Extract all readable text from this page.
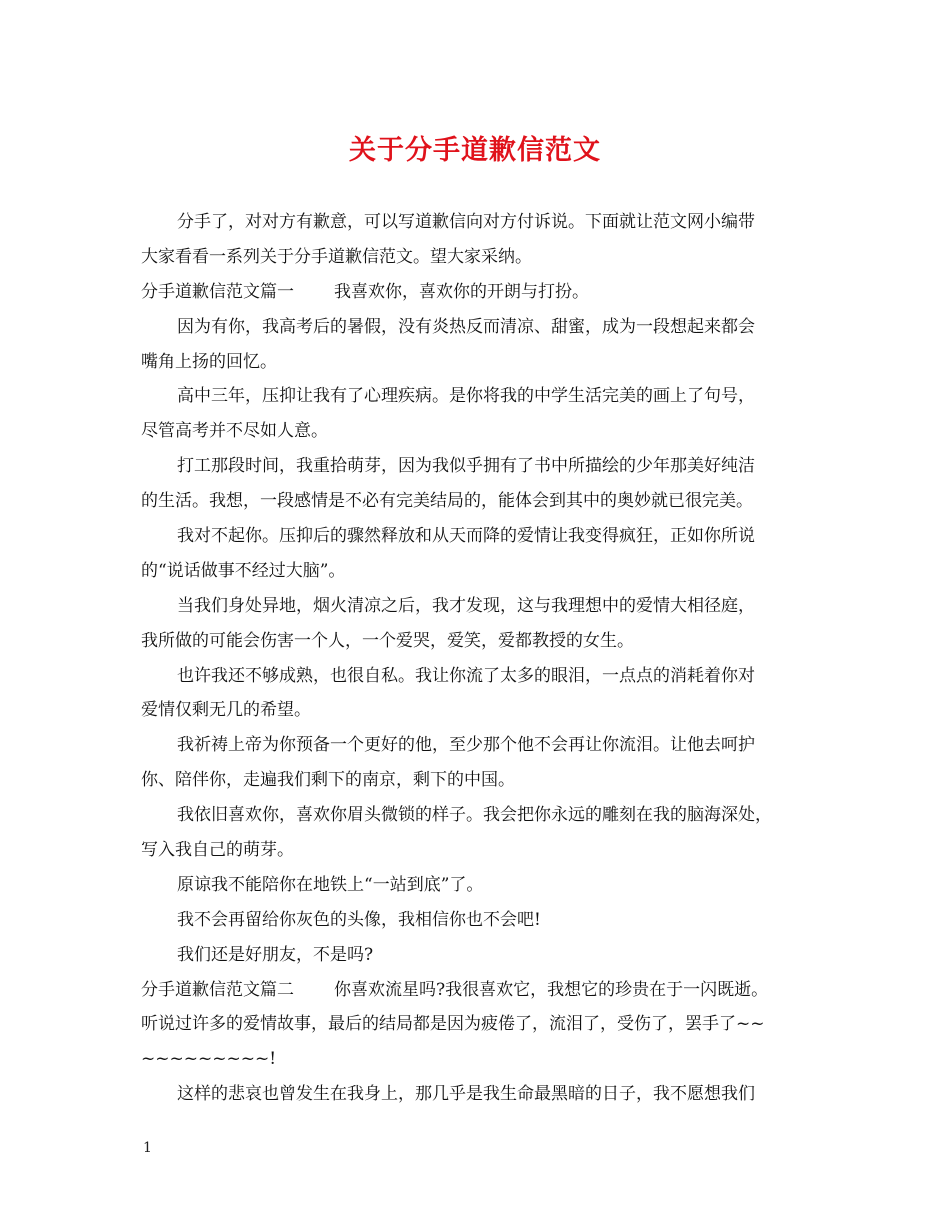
关于分手道歉信范文
分手了，对对方有歉意，可以写道歉信向对方付诉说。下面就让范文网小编带
大家看看一系列关于分手道歉信范文。望大家采纳。
分手道歉信范文篇一 我喜欢你，喜欢你的开朗与打扮。
因为有你，我高考后的暑假，没有炎热反而清凉、甜蜜，成为一段想起来都会
嘴角上扬的回忆。
高中三年，压抑让我有了心理疾病。是你将我的中学生活完美的画上了句号，
尽管高考并不尽如人意。
打工那段时间，我重拾萌芽，因为我似乎拥有了书中所描绘的少年那美好纯洁
的生活。我想，一段感情是不必有完美结局的，能体会到其中的奥妙就已很完美。
我对不起你。压抑后的骤然释放和从天而降的爱情让我变得疯狂，正如你所说
的“说话做事不经过大脑”。
当我们身处异地，烟火清凉之后，我才发现，这与我理想中的爱情大相径庭，
我所做的可能会伤害一个人，一个爱哭，爱笑，爱都教授的女生。
也许我还不够成熟，也很自私。我让你流了太多的眼泪，一点点的消耗着你对
爱情仅剩无几的希望。
我祈祷上帝为你预备一个更好的他，至少那个他不会再让你流泪。让他去呵护
你、陪伴你，走遍我们剩下的南京，剩下的中国。
我依旧喜欢你，喜欢你眉头微锁的样子。我会把你永远的雕刻在我的脑海深处，
写入我自己的萌芽。
原谅我不能陪你在地铁上“一站到底”了。
我不会再留给你灰色的头像，我相信你也不会吧!
我们还是好朋友，不是吗?
分手道歉信范文篇二 你喜欢流星吗?我很喜欢它，我想它的珍贵在于一闪既逝。
听说过许多的爱情故事，最后的结局都是因为疲倦了，流泪了，受伤了，罢手了~~
~~~~~~~~~!
这样的悲哀也曾发生在我身上，那几乎是我生命最黑暗的日子，我不愿想我们
1
